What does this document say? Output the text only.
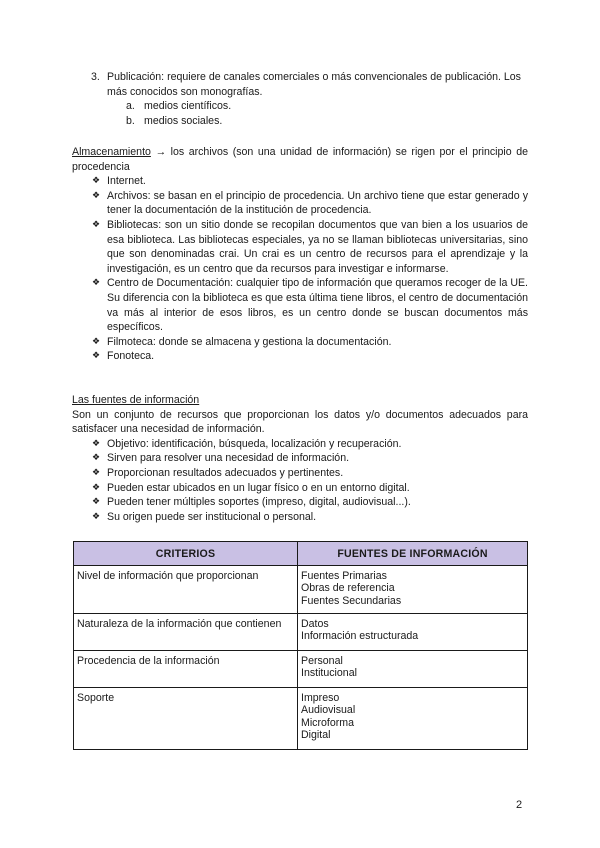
3. Publicación: requiere de canales comerciales o más convencionales de publicación. Los más conocidos son monografías.
a. medios científicos.
b. medios sociales.

Almacenamiento → los archivos (son una unidad de información) se rigen por el principio de procedencia

❖ Internet.
❖ Archivos: se basan en el principio de procedencia. Un archivo tiene que estar generado y tener la documentación de la institución de procedencia.
❖ Bibliotecas: son un sitio donde se recopilan documentos que van bien a los usuarios de esa biblioteca. Las bibliotecas especiales, ya no se llaman bibliotecas universitarias, sino que son denominadas crai. Un crai es un centro de recursos para el aprendizaje y la investigación, es un centro que da recursos para investigar e informarse.
❖ Centro de Documentación: cualquier tipo de información que queramos recoger de la UE. Su diferencia con la biblioteca es que esta última tiene libros, el centro de documentación va más al interior de esos libros, es un centro donde se buscan documentos más específicos.
❖ Filmoteca: donde se almacena y gestiona la documentación.
❖ Fonoteca.

Las fuentes de información

Son un conjunto de recursos que proporcionan los datos y/o documentos adecuados para satisfacer una necesidad de información.

❖ Objetivo: identificación, búsqueda, localización y recuperación.
❖ Sirven para resolver una necesidad de información.
❖ Proporcionan resultados adecuados y pertinentes.
❖ Pueden estar ubicados en un lugar físico o en un entorno digital.
❖ Pueden tener múltiples soportes (impreso, digital, audiovisual...).
❖ Su origen puede ser institucional o personal.
CRITERIOS	FUENTES DE INFORMACIÓN
Nivel de información que proporcionan	Fuentes Primarias
Obras de referencia
Fuentes Secundarias

Naturaleza de la información que contienen	Datos
Información estructurada

Procedencia de la información	Personal
Institucional

Soporte	Impreso
Audiovisual
Microforma
Digital
2
